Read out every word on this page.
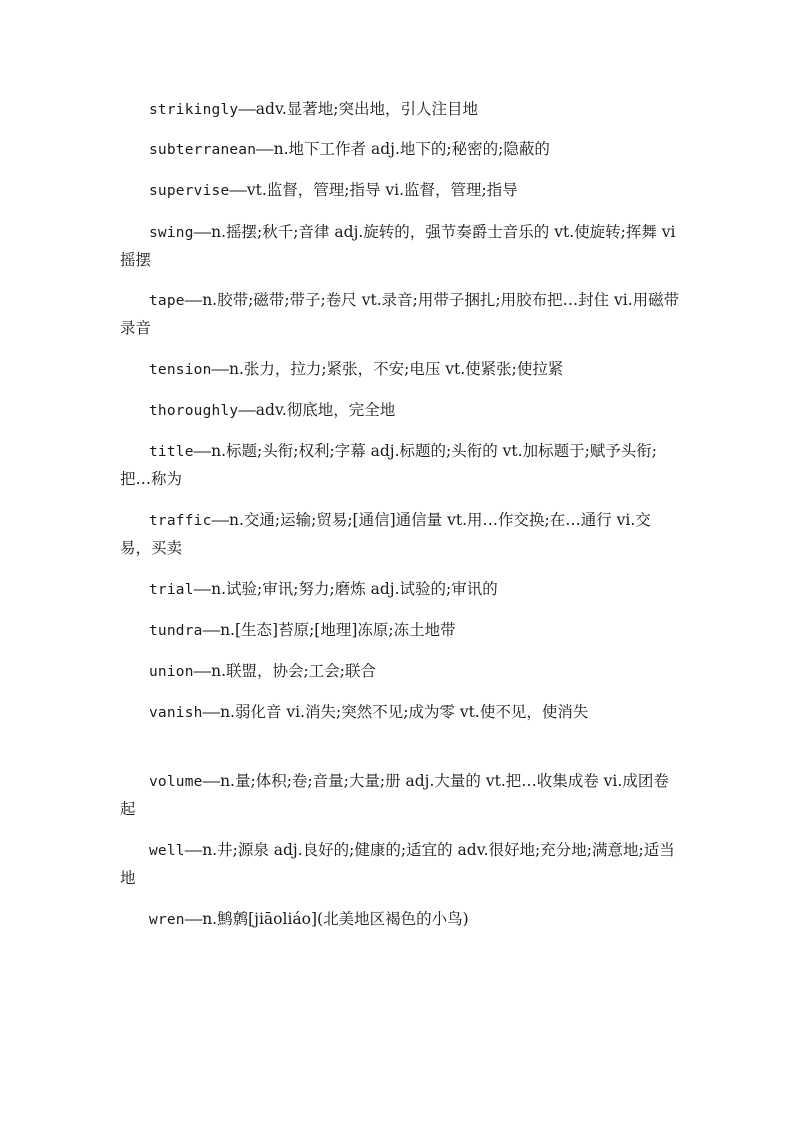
strikingly——adv.显著地;突出地，引人注目地

subterranean——n.地下工作者 adj.地下的;秘密的;隐蔽的

supervise——vt.监督，管理;指导 vi.监督，管理;指导

swing——n.摇摆;秋千;音律 adj.旋转的，强节奏爵士音乐的 vt.使旋转;挥舞 vi 摇摆

tape——n.胶带;磁带;带子;卷尺 vt.录音;用带子捆扎;用胶布把…封住 vi.用磁带录音

tension——n.张力，拉力;紧张，不安;电压 vt.使紧张;使拉紧

thoroughly——adv.彻底地，完全地

title——n.标题;头衔;权利;字幕 adj.标题的;头衔的 vt.加标题于;赋予头衔;把…称为

traffic——n.交通;运输;贸易;[通信]通信量 vt.用…作交换;在…通行 vi.交易，买卖

trial——n.试验;审讯;努力;磨炼 adj.试验的;审讯的

tundra——n.[生态]苔原;[地理]冻原;冻土地带

union——n.联盟，协会;工会;联合

vanish——n.弱化音 vi.消失;突然不见;成为零 vt.使不见，使消失

volume——n.量;体积;卷;音量;大量;册 adj.大量的 vt.把…收集成卷 vi.成团卷起

well——n.井;源泉 adj.良好的;健康的;适宜的 adv.很好地;充分地;满意地;适当地

wren——n.鹪鹩[jiāoliáo](北美地区褐色的小鸟)
